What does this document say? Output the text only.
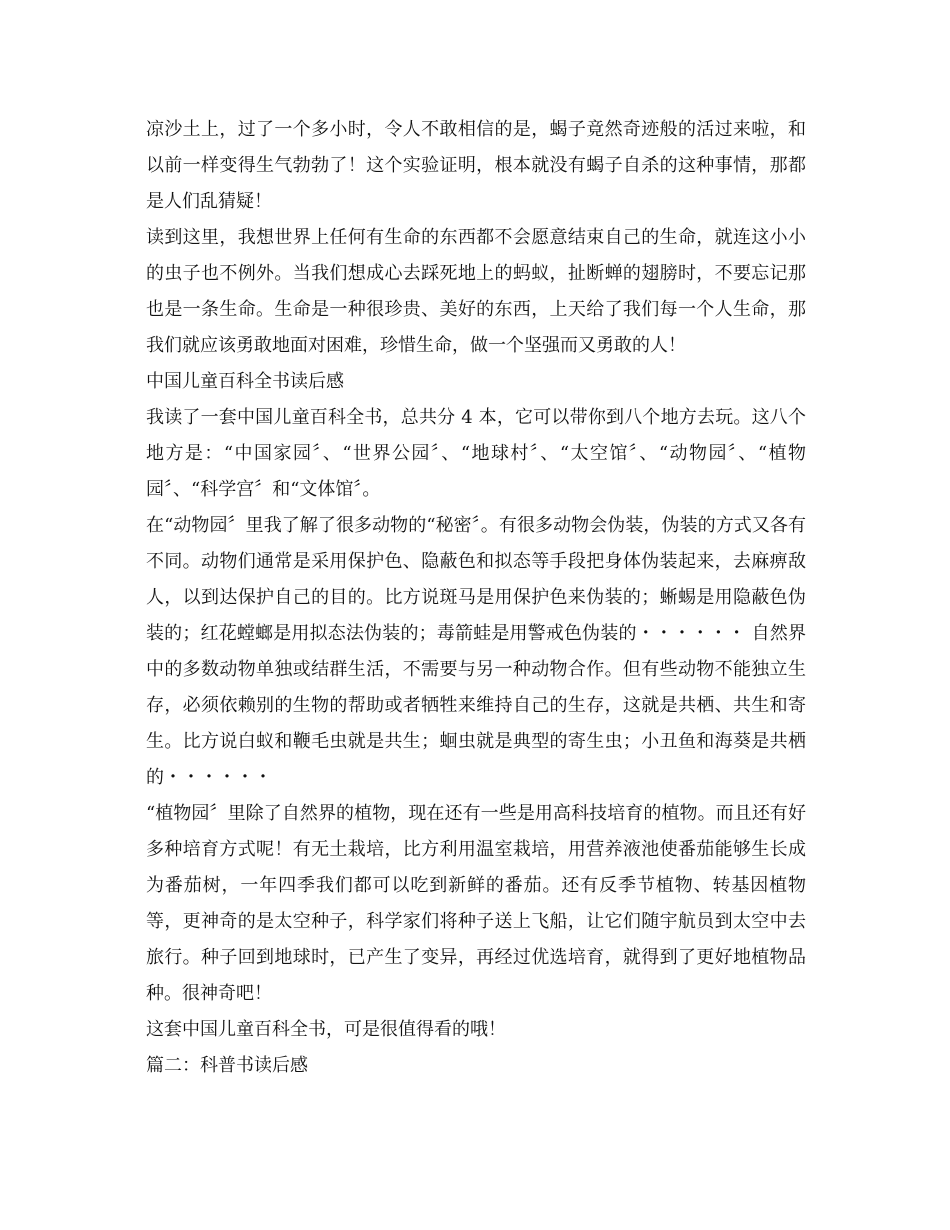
凉沙土上，过了一个多小时，令人不敢相信的是，蝎子竟然奇迹般的活过来啦，和以前一样变得生气勃勃了！这个实验证明，根本就没有蝎子自杀的这种事情，那都是人们乱猜疑！

读到这里，我想世界上任何有生命的东西都不会愿意结束自己的生命，就连这小小的虫子也不例外。当我们想成心去踩死地上的蚂蚁，扯断蝉的翅膀时，不要忘记那也是一条生命。生命是一种很珍贵、美好的东西，上天给了我们每一个人生命，那我们就应该勇敢地面对困难，珍惜生命，做一个坚强而又勇敢的人！

中国儿童百科全书读后感

我读了一套中国儿童百科全书，总共分 4 本，它可以带你到八个地方去玩。这八个地方是：“中国家园〞、“世界公园〞、“地球村〞、“太空馆〞、“动物园〞、“植物园〞、“科学宫〞和“文体馆〞。

在“动物园〞里我了解了很多动物的“秘密〞。有很多动物会伪装，伪装的方式又各有不同。动物们通常是采用保护色、隐蔽色和拟态等手段把身体伪装起来，去麻痹敌人，以到达保护自己的目的。比方说斑马是用保护色来伪装的；蜥蜴是用隐蔽色伪装的；红花螳螂是用拟态法伪装的；毒箭蛙是用警戒色伪装的・・・・・・ 自然界中的多数动物单独或结群生活，不需要与另一种动物合作。但有些动物不能独立生存，必须依赖别的生物的帮助或者牺牲来维持自己的生存，这就是共栖、共生和寄生。比方说白蚁和鞭毛虫就是共生；蛔虫就是典型的寄生虫；小丑鱼和海葵是共栖的・・・・・・

“植物园〞里除了自然界的植物，现在还有一些是用高科技培育的植物。而且还有好多种培育方式呢！有无土栽培，比方利用温室栽培，用营养液池使番茄能够生长成为番茄树，一年四季我们都可以吃到新鲜的番茄。还有反季节植物、转基因植物等，更神奇的是太空种子，科学家们将种子送上飞船，让它们随宇航员到太空中去旅行。种子回到地球时，已产生了变异，再经过优选培育，就得到了更好地植物品种。很神奇吧！

这套中国儿童百科全书，可是很值得看的哦！

篇二：科普书读后感
